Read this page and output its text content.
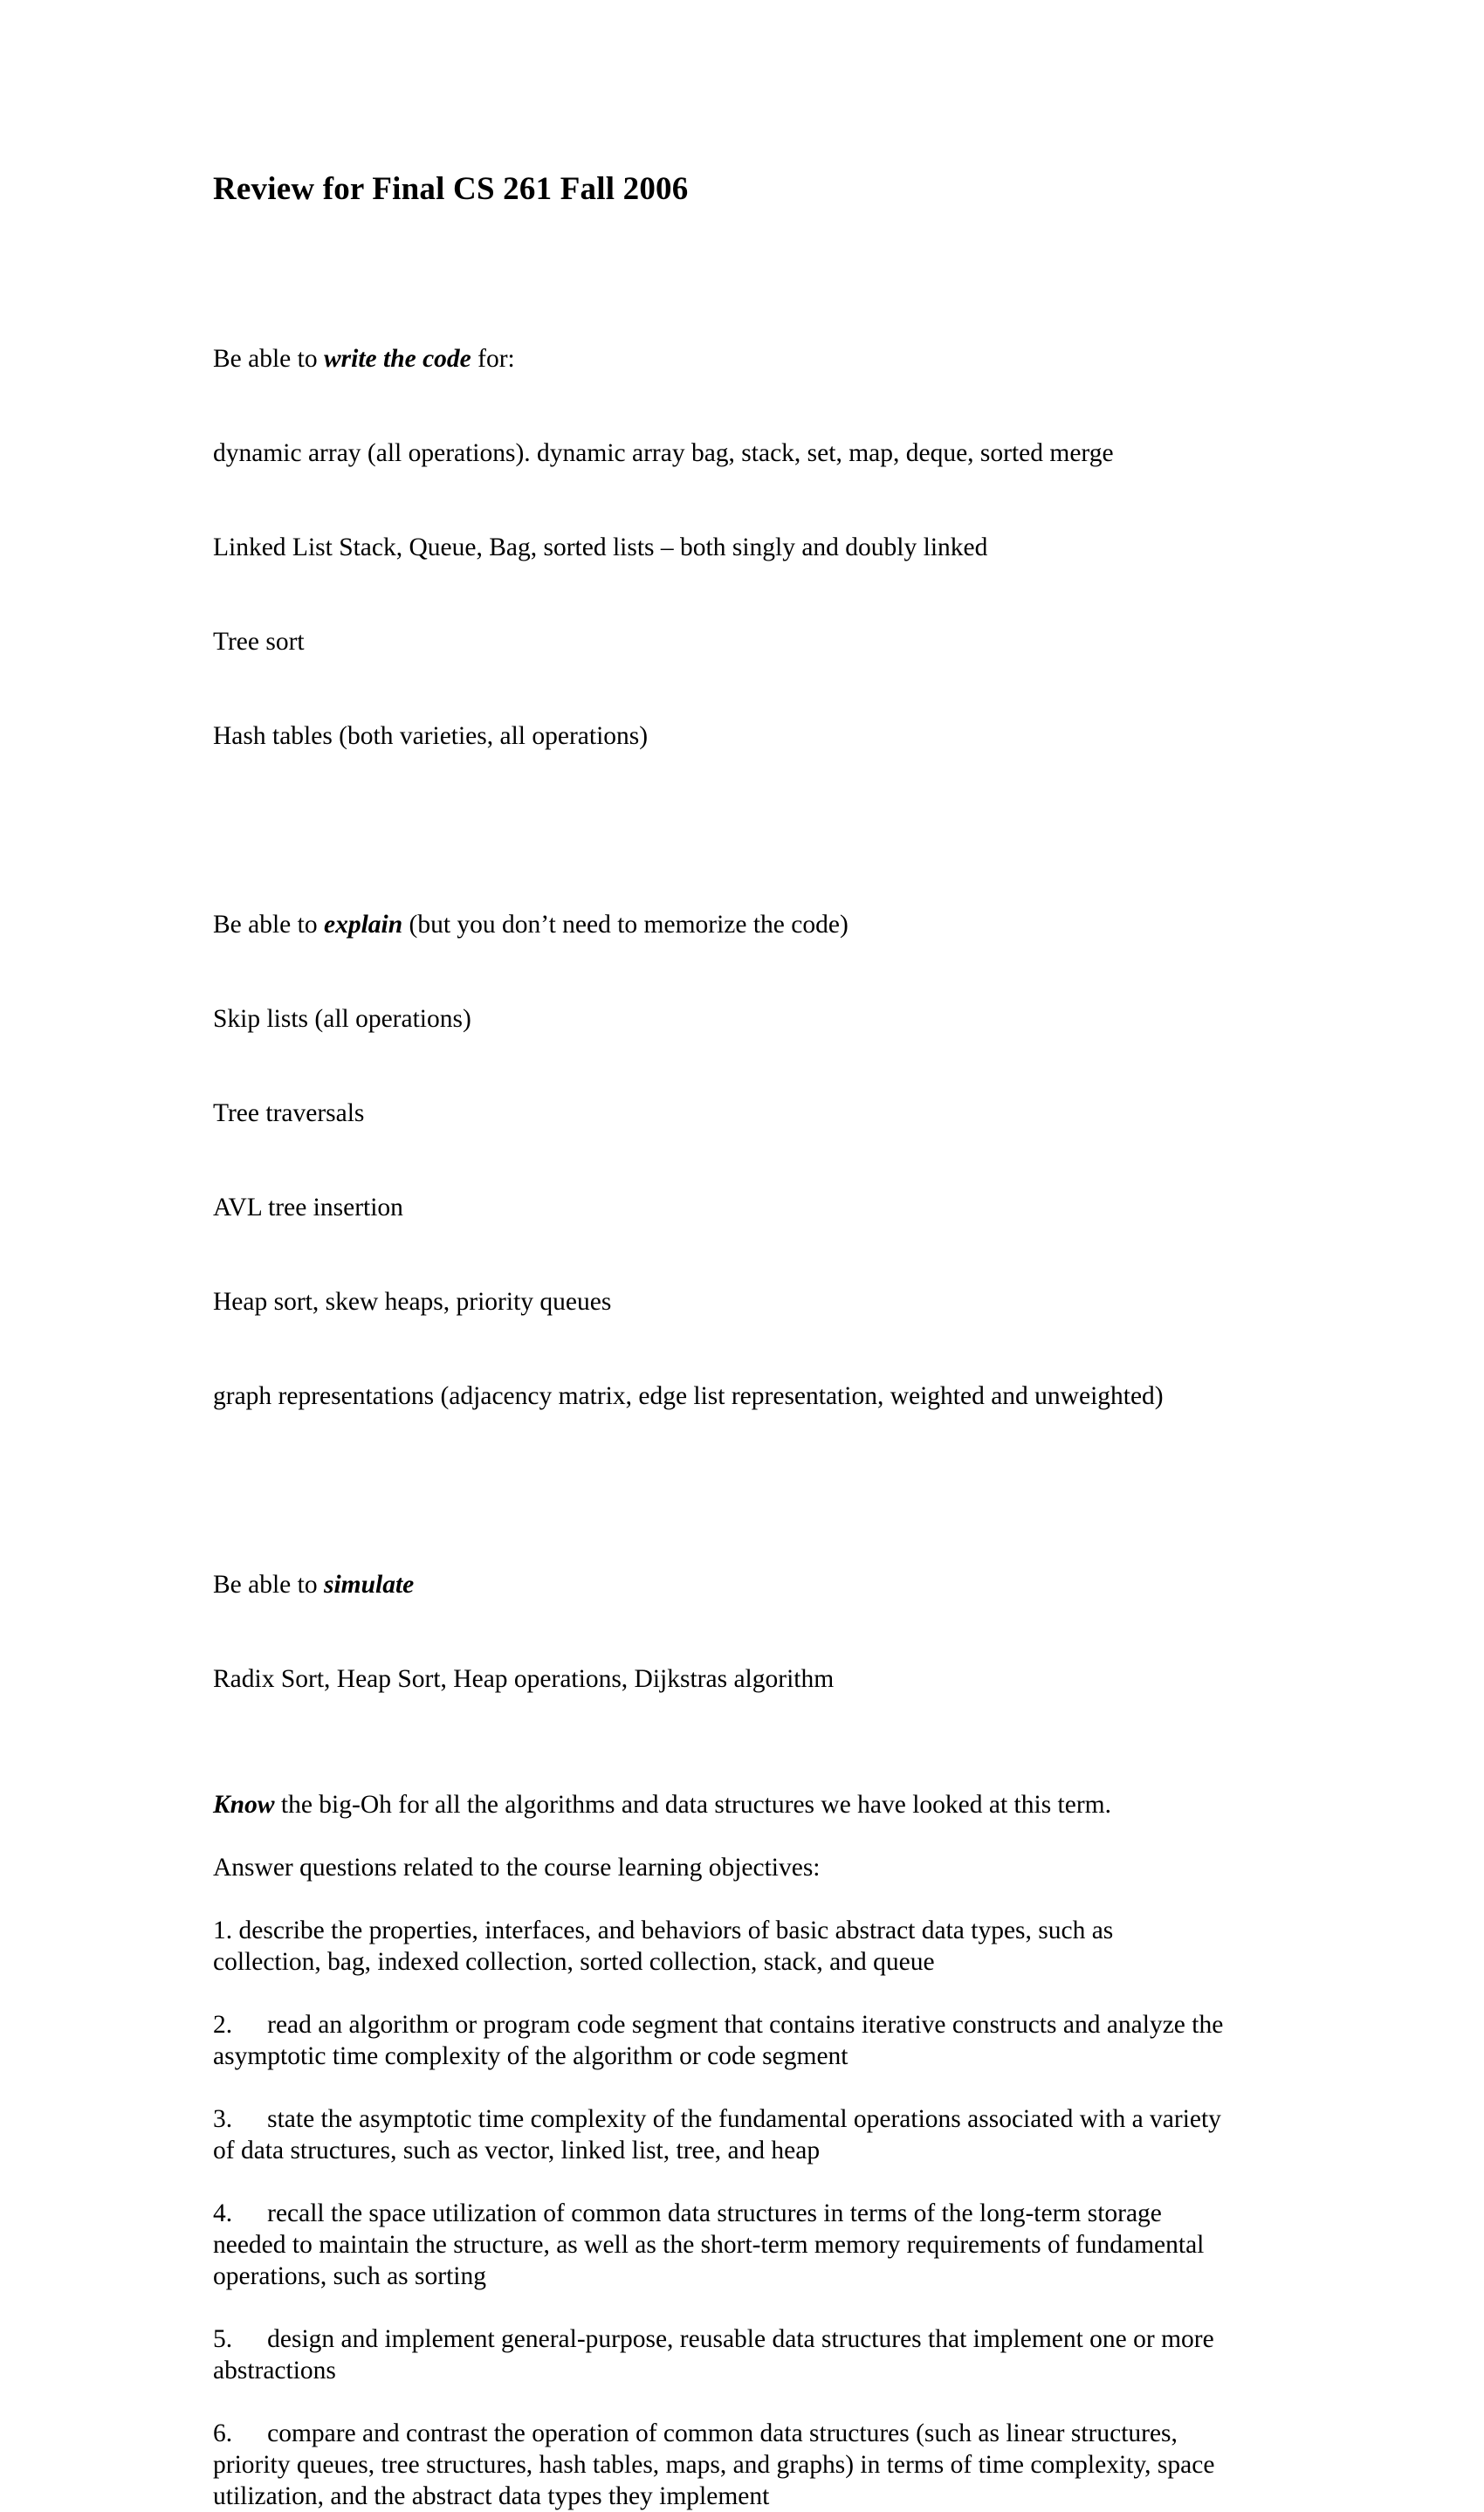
Review for Final CS 261 Fall 2006

Be able to write the code for:

dynamic array (all operations). dynamic array bag, stack, set, map, deque, sorted merge

Linked List Stack, Queue, Bag, sorted lists – both singly and doubly linked

Tree sort

Hash tables (both varieties, all operations)

Be able to explain (but you don’t need to memorize the code)

Skip lists (all operations)

Tree traversals

AVL tree insertion

Heap sort, skew heaps, priority queues

graph representations (adjacency matrix, edge list representation, weighted and unweighted)

Be able to simulate

Radix Sort, Heap Sort, Heap operations, Dijkstras algorithm

Know the big-Oh for all the algorithms and data structures we have looked at this term.
Answer questions related to the course learning objectives:
1. describe the properties, interfaces, and behaviors of basic abstract data types, such as collection, bag, indexed collection, sorted collection, stack, and queue
2. read an algorithm or program code segment that contains iterative constructs and analyze the asymptotic time complexity of the algorithm or code segment
3. state the asymptotic time complexity of the fundamental operations associated with a variety of data structures, such as vector, linked list, tree, and heap
4. recall the space utilization of common data structures in terms of the long-term storage needed to maintain the structure, as well as the short-term memory requirements of fundamental operations, such as sorting
5. design and implement general-purpose, reusable data structures that implement one or more abstractions
6. compare and contrast the operation of common data structures (such as linear structures, priority queues, tree structures, hash tables, maps, and graphs) in terms of time complexity, space utilization, and the abstract data types they implement
